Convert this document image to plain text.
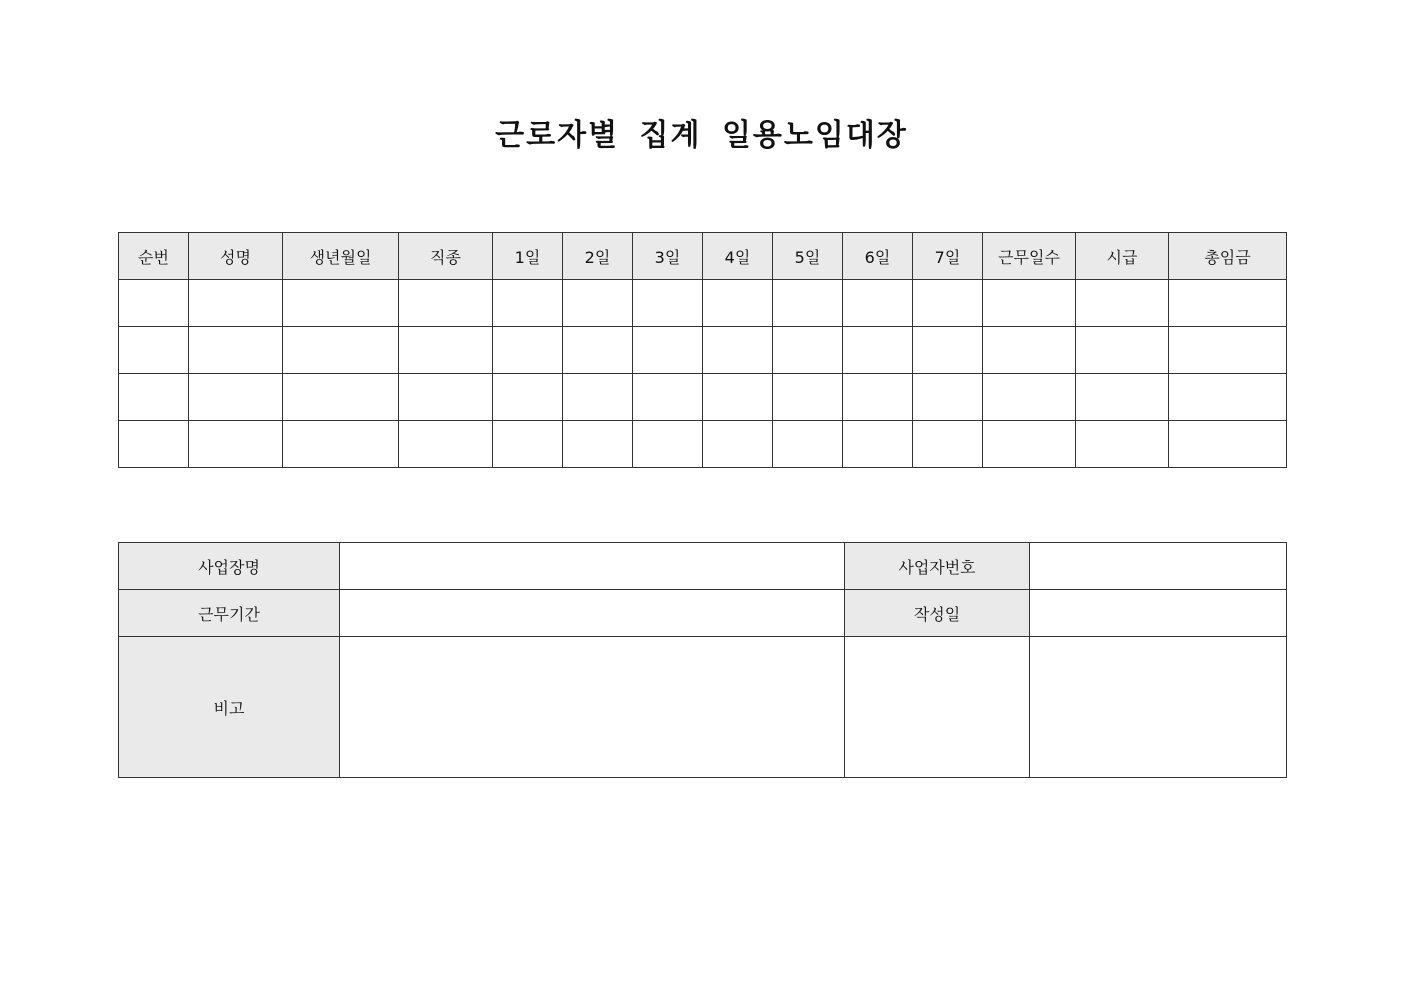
근로자별 집계 일용노임대장
순번	성명	생년월일	직종	1일	2일	3일	4일	5일	6일	7일	근무일수	시급	총임금

사업장명		사업자번호	
근무기간		작성일	
비고			
